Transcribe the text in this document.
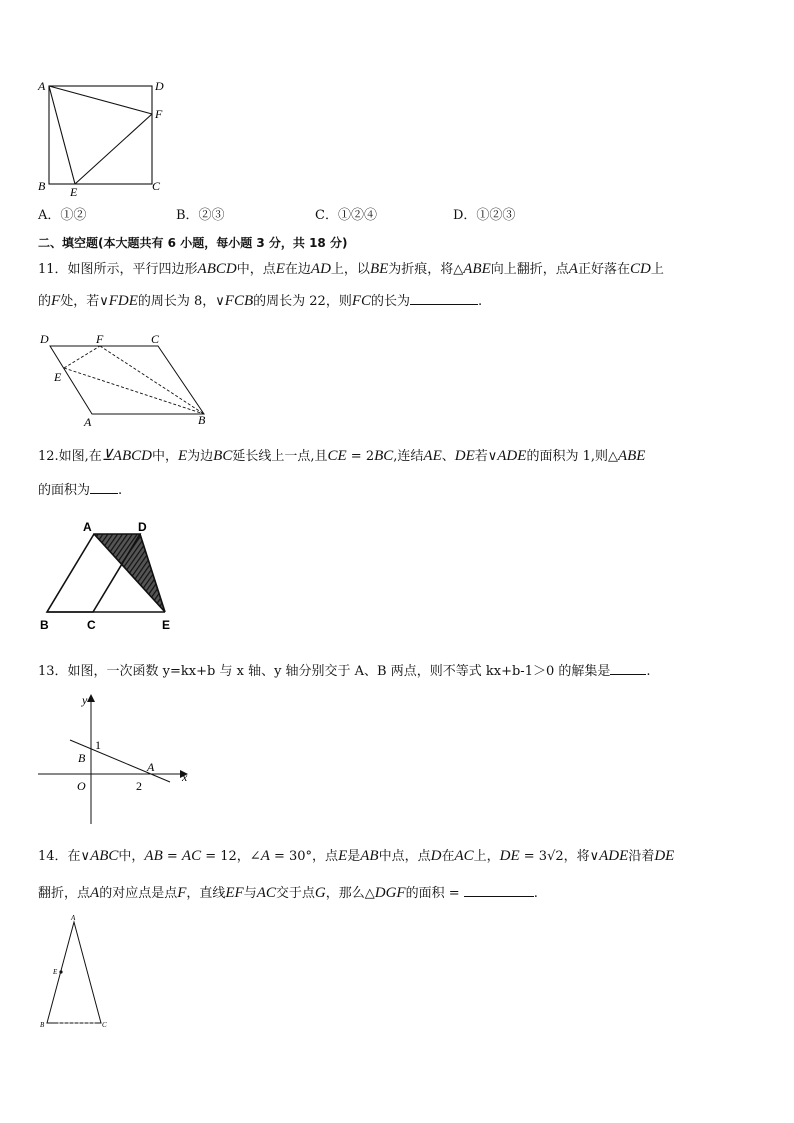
A	D
F
B	C
E
A．①②	B．②③	C．①②④	D．①②③
二、填空题(本大题共有 6 小题，每小题 3 分，共 18 分)
11．如图所示，平行四边形ABCD中，点E在边AD上，以BE为折痕，将△ABE向上翻折，点A正好落在CD上
的F处，若∨FDE的周长为 8，∨FCB的周长为 22，则FC的长为	.
D	F	C
E
A	B
12.如图,在⊻ABCD中，E为边BC延长线上一点,且CE = 2BC,连结AE、DE若∨ADE的面积为 1,则△ABE
的面积为 .
A	D
B	C	E
13．如图，一次函数 y=kx+b 与 x 轴、y 轴分别交于 A、B 两点，则不等式 kx+b-1＞0 的解集是	.
y
x
1
B
A
O	2
14．在∨ABC中，AB = AC = 12，∠A = 30°，点E是AB中点，点D在AC上，DE = 3√2，将∨ADE沿着DE
翻折，点A的对应点是点F，直线EF与AC交于点G，那么△DGF的面积 =	.
A
E
B	C
